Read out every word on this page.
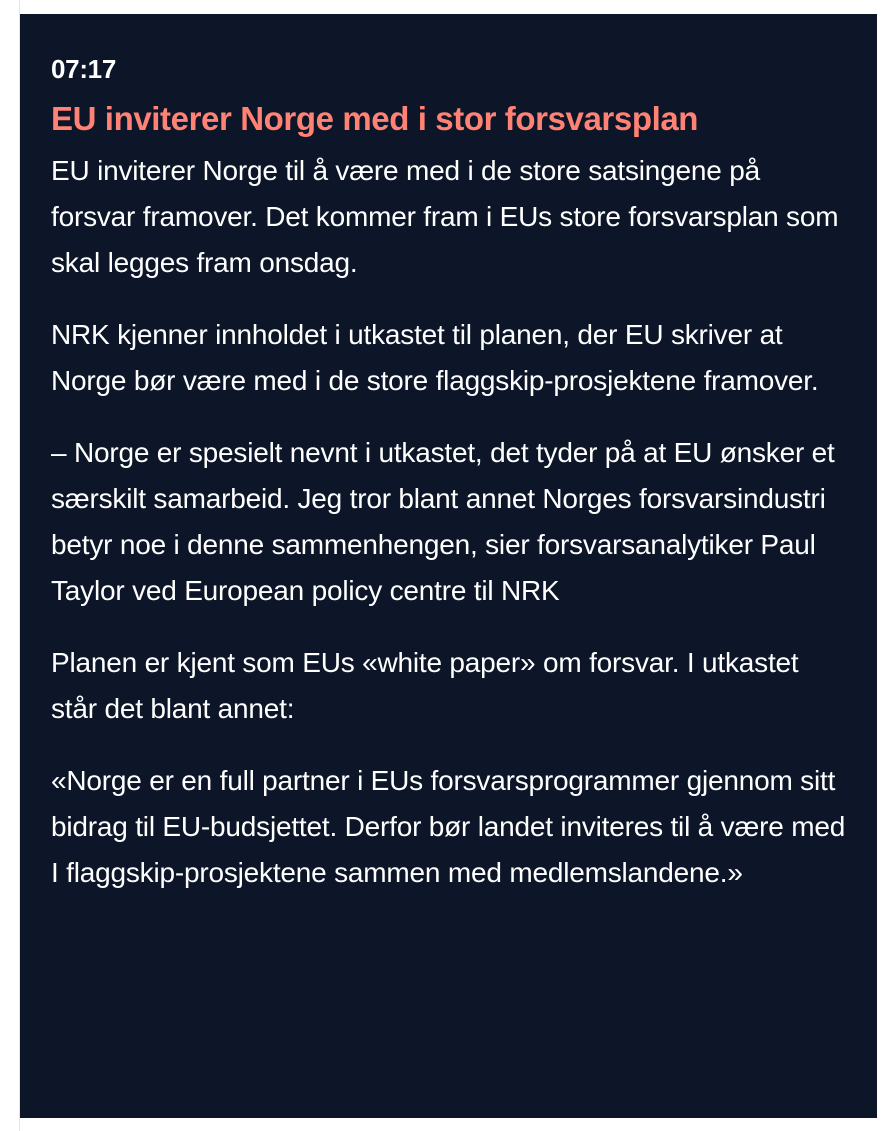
07:17
EU inviterer Norge med i stor forsvarsplan

EU inviterer Norge til å være med i de store satsingene på forsvar framover. Det kommer fram i EUs store forsvarsplan som skal legges fram onsdag.

NRK kjenner innholdet i utkastet til planen, der EU skriver at Norge bør være med i de store flaggskip-prosjektene framover.

– Norge er spesielt nevnt i utkastet, det tyder på at EU ønsker et særskilt samarbeid. Jeg tror blant annet Norges forsvarsindustri betyr noe i denne sammenhengen, sier forsvarsanalytiker Paul Taylor ved European policy centre til NRK

Planen er kjent som EUs «white paper» om forsvar. I utkastet står det blant annet:

«Norge er en full partner i EUs forsvarsprogrammer gjennom sitt bidrag til EU-budsjettet. Derfor bør landet inviteres til å være med I flaggskip-prosjektene sammen med medlemslandene.»
